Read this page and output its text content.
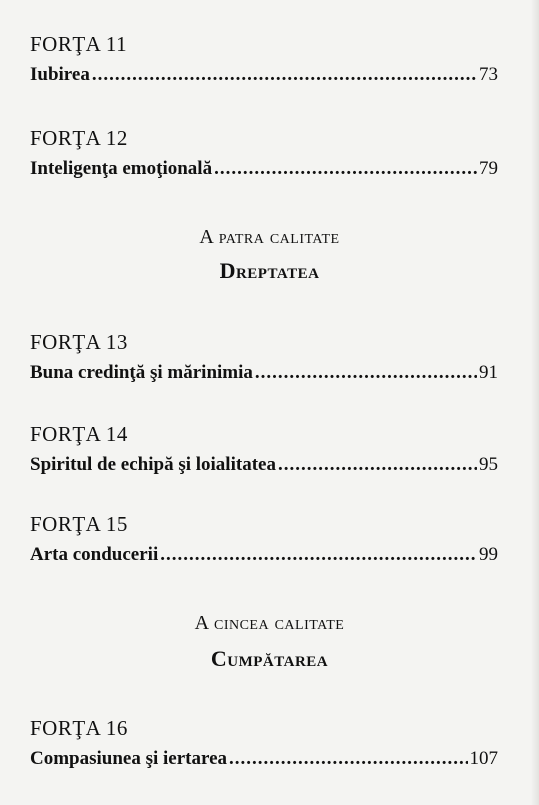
FORŢA 11
Iubirea .....	73
FORŢA 12
Inteligenţa emoţională .....	79
A patra calitate
Dreptatea
FORŢA 13
Buna credinţă şi mărinimia .....	91
FORŢA 14
Spiritul de echipă şi loialitatea .....	95
FORŢA 15
Arta conducerii .....	99
A cincea calitate
Cumpătarea
FORŢA 16
Compasiunea şi iertarea .....	107
